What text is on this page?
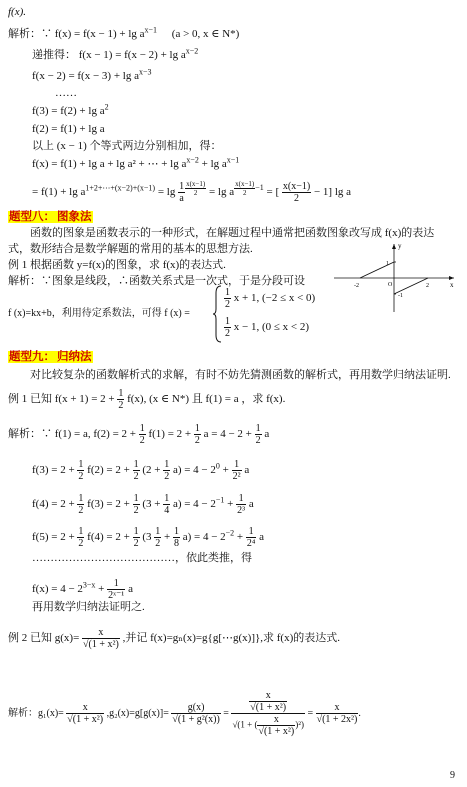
f(x).
解析：∵ $f(x) = f(x - 1) + \lg a^{x-1}$ (a > 0, x ∈ N*)
递推得： $f(x - 1) = f(x - 2) + \lg a^{x-2}$
$f(x - 2) = f(x - 3) + \lg a^{x-3}$
……
$f(3) = f(2) + \lg a^2$
f(2) = f(1) + lg a
以上 (x − 1) 个等式两边分别相加，得：
f(x) = f(1) + lg a + lg a² + ⋯ + $\lg a^{x-2} + \lg a^{x-1}$
= $f(1) + \lg a^{1+2+\cdots+(x-2)+(x-1)} = \lg \frac{1}{a} ^{\frac{x(x-1)}{2}} = \lg a$ $^{\frac{x(x-1)}{2} -1}$ = [ $\frac{x(x-1)}{2} - 1$] lg a
题型八： 图象法
函数的图象是函数表示的一种形式，在解题过程中通常把函数图象改写成 f(x)的表达
式，数形结合是数学解题的常用的基本的思想方法.
例 1 根据函数 y=f(x)的图象，求 f(x)的表达式.
解析：∵图象是线段，∴函数关系式是一次式，于是分段可设
y
x
O
-2	2
1
-1
f (x)=kx+b，利用待定系数法，可得 f (x) =
$\frac{1}{2}$ x + 1, (−2 ≤ x < 0)
$\frac{1}{2}$ x − 1, (0 ≤ x < 2)
题型九： 归纳法
对比较复杂的函数解析式的求解，有时不妨先猜测函数的解析式，再用数学归纳法证明.
例 1 已知 $f(x + 1) = 2 + \frac{1}{2} f(x)$, (x ∈ N*) 且 f(1) = a ，求 f(x).
解析：∵ f(1) = a, $f(2) = 2 + \frac{1}{2} f(1) = 2 + \frac{1}{2}$ $a = 4 - 2 + \frac{1}{2}$ a
$f(3) = 2 + \frac{1}{2} f(2) = 2 + \frac{1}{2} (2 + \frac{1}{2} a) = 4 - 2^0 + \frac{1}{\text{2²}}$ a
$f(4) = 2 + \frac{1}{2} f(3) = 2 + \frac{1}{2} (3 + \frac{1}{4} a) = 4 - 2^{-1} + \frac{1}{\text{2³}}$ a
$f(5) = 2 + \frac{1}{2} f(4) = 2 + \frac{1}{2} (3 \frac{1}{2} + \frac{1}{8} a) = 4 - 2^{-2} + \frac{1}{\text{2⁴}}$ a
…………………………………，依此类推，得
$f(x) = 4 - 2^{3-x} + \frac{1}{\text{2ˣ⁻¹}}$ a
再用数学归纳法证明之.
例 2 已知 $g(x)= \frac{x}{\text{√(1 + x²)}}$ ,并记 f(x)=gₙ(x)=g{g[⋯g(x)]},求 f(x)的表达式.
解析：$g_1(x)= \frac{x}{\text{√(1 + x²)}} ,g_2(x)=g[g(x)]= \frac{g(x)}{\text{√(1 + g²(x))}} = \frac{\frac{x}{\text{√(1 + x²)}}}{√(1 + ( \frac{x}{\text{√(1 + x²)}} )^2)} = \frac{x}{\text{√(1 + 2x²)}}$ .
9
